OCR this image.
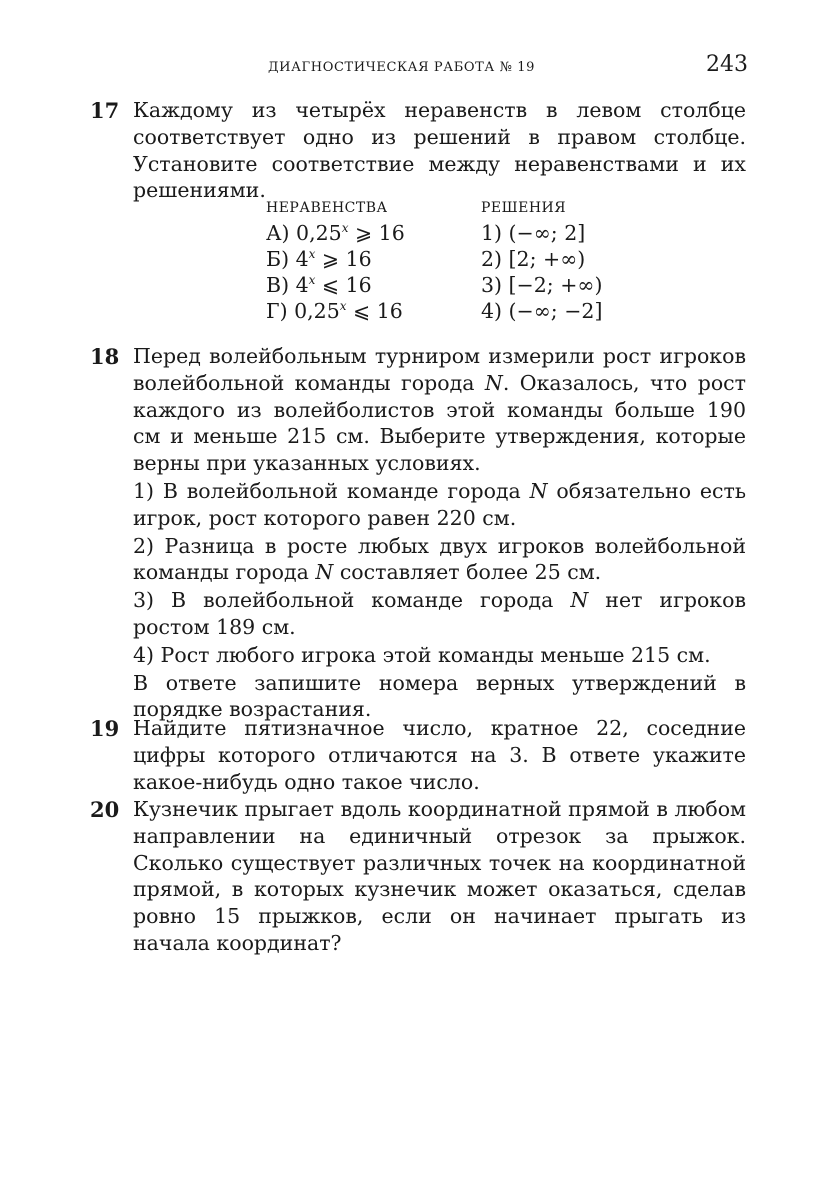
ДИАГНОСТИЧЕСКАЯ РАБОТА № 19	243
17 Каждому из четырёх неравенств в левом столбце соответствует одно из решений в правом столбце. Установите соответствие между неравенствами и их решениями.

НЕРАВЕНСТВА
А) 0,25$^x$ ⩾ 16
Б) 4$^x$ ⩾ 16
В) 4$^x$ ⩽ 16
Г) 0,25$^x$ ⩽ 16
РЕШЕНИЯ
1) (−∞; 2]
2) [2; +∞)
3) [−2; +∞)
4) (−∞; −2]
18 Перед волейбольным турниром измерили рост игроков волейбольной команды города N. Оказалось, что рост каждого из волейболистов этой команды больше 190 см и меньше 215 см. Выберите утверждения, которые верны при указанных условиях.

1) В волейбольной команде города N обязательно есть игрок, рост которого равен 220 см.

2) Разница в росте любых двух игроков волейбольной команды города N составляет более 25 см.

3) В волейбольной команде города N нет игроков ростом 189 см.

4) Рост любого игрока этой команды меньше 215 см.

В ответе запишите номера верных утверждений в порядке возрастания.

19 Найдите пятизначное число, кратное 22, соседние цифры которого отличаются на 3. В ответе укажите какое-нибудь одно такое число.

20 Кузнечик прыгает вдоль координатной прямой в любом направлении на единичный отрезок за прыжок. Сколько существует различных точек на координатной прямой, в которых кузнечик может оказаться, сделав ровно 15 прыжков, если он начинает прыгать из начала координат?
